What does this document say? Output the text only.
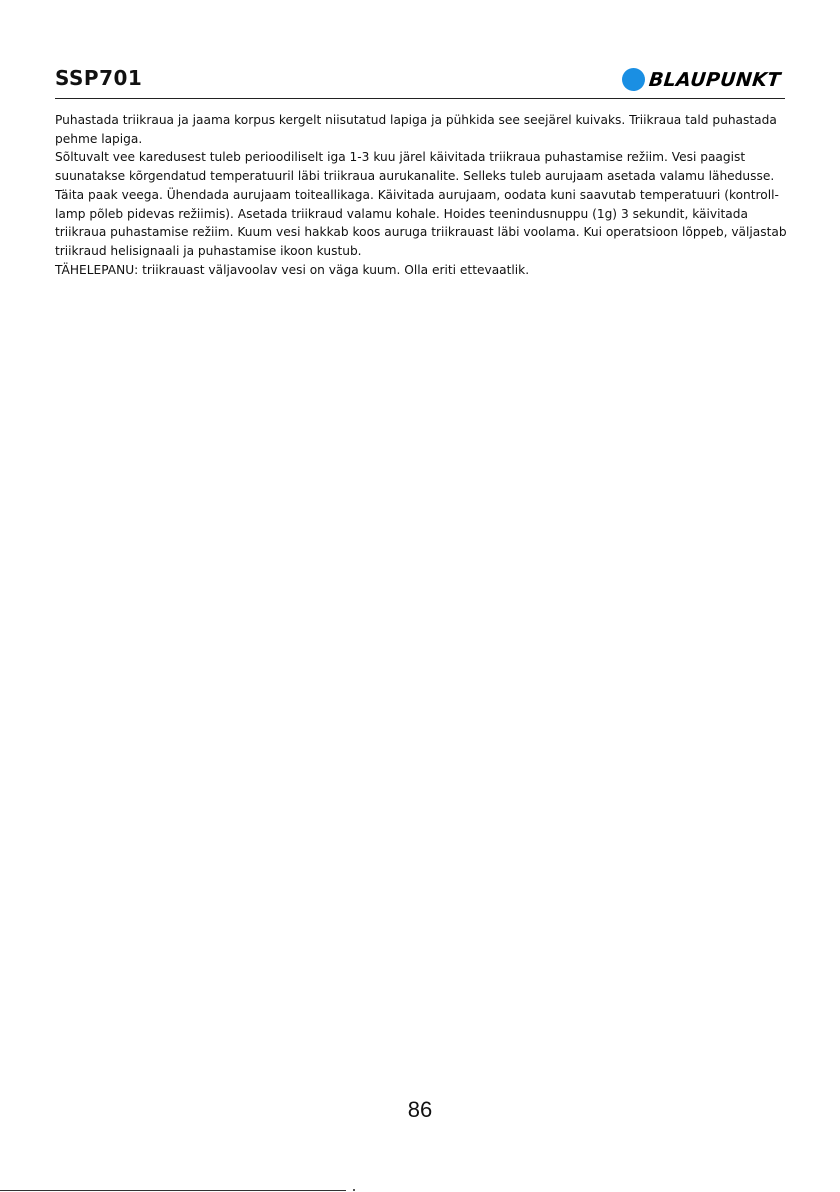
SSP701	BLAUPUNKT

Puhastada triikraua ja jaama korpus kergelt niisutatud lapiga ja pühkida see seejärel kuivaks. Triikraua tald puhastada pehme lapiga.

Sõltuvalt vee karedusest tuleb perioodiliselt iga 1-3 kuu järel käivitada triikraua puhastamise režiim. Vesi paagist suunatakse kõrgendatud temperatuuril läbi triikraua aurukanalite. Selleks tuleb aurujaam asetada valamu lähedusse. Täita paak veega. Ühendada aurujaam toiteallikaga. Käivitada aurujaam, oodata kuni saavutab temperatuuri (kontroll-lamp põleb pidevas režiimis). Asetada triikraud valamu kohale. Hoides teenindusnuppu (1g) 3 sekundit, käivitada triikraua puhastamise režiim. Kuum vesi hakkab koos auruga triikrauast läbi voolama. Kui operatsioon lõppeb, väljastab triikraud helisignaali ja puhastamise ikoon kustub.

TÄHELEPANU: triikrauast väljavoolav vesi on väga kuum. Olla eriti ettevaatlik.

86
